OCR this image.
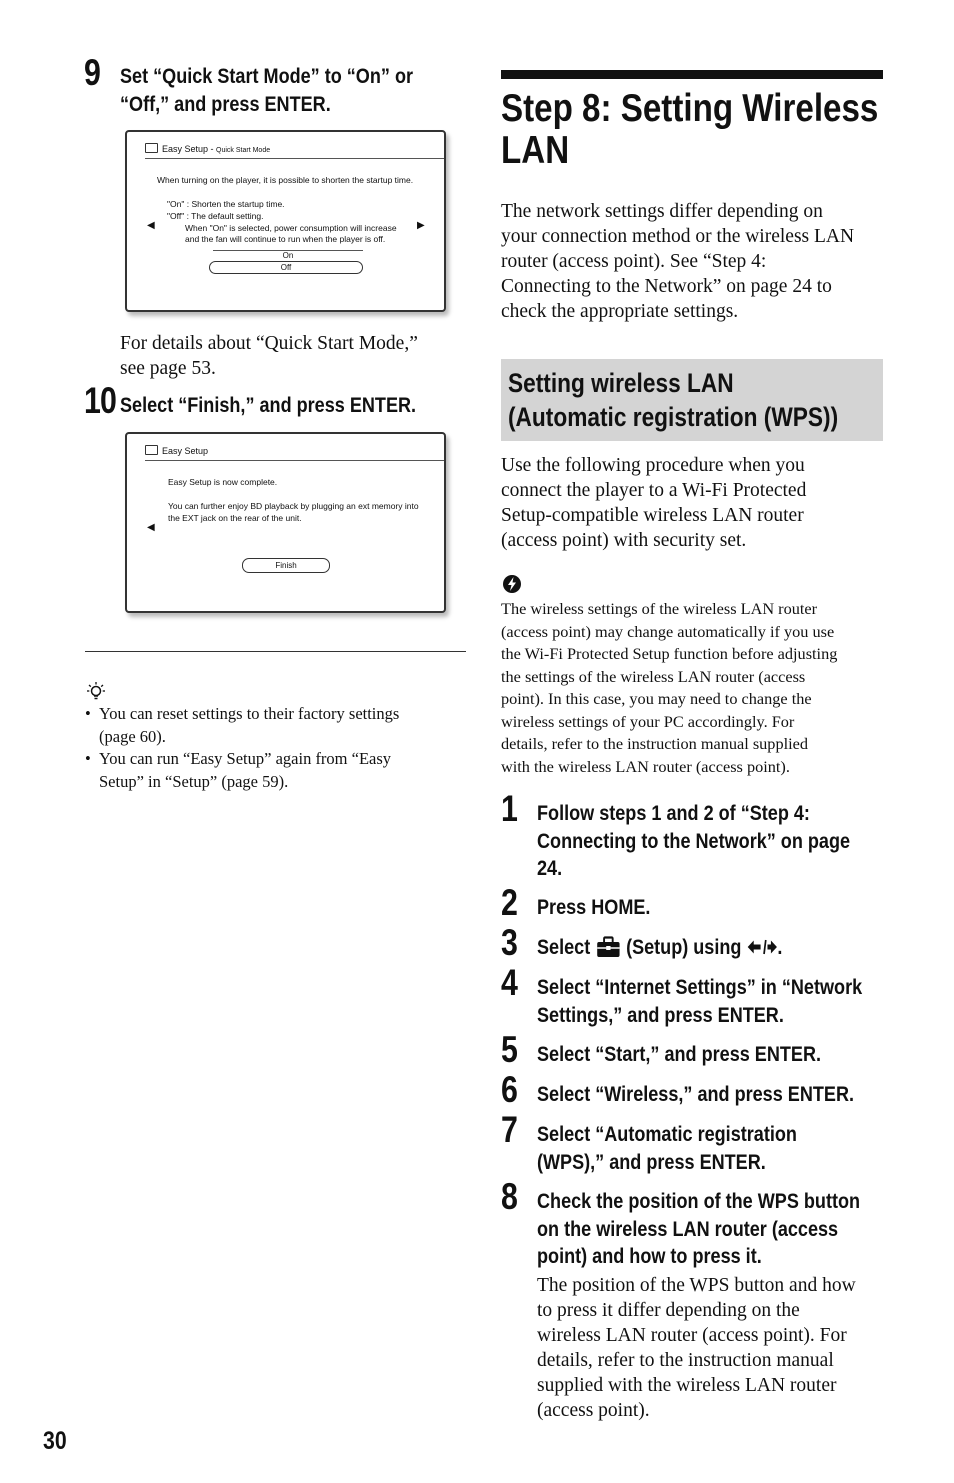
9 Set “Quick Start Mode” to “On” or
“Off,” and press ENTER.
Easy Setup - Quick Start Mode
When turning on the player, it is possible to shorten the startup time.
"On" : Shorten the startup time.
"Off" : The default setting.
When "On" is selected, power consumption will increase
and the fan will continue to run when the player is off.
◀	▶
On
Off
For details about “Quick Start Mode,”
see page 53.
10 Select “Finish,” and press ENTER.
Easy Setup
Easy Setup is now complete.
You can further enjoy BD playback by plugging an ext memory into
the EXT jack on the rear of the unit.
◀
Finish
• You can reset settings to their factory settings
(page 60).
• You can run “Easy Setup” again from “Easy
Setup” in “Setup” (page 59).
30
Step 8: Setting Wireless
LAN
The network settings differ depending on
your connection method or the wireless LAN
router (access point). See “Step 4:
Connecting to the Network” on page 24 to
check the appropriate settings.
Setting wireless LAN
(Automatic registration (WPS))
Use the following procedure when you
connect the player to a Wi-Fi Protected
Setup-compatible wireless LAN router
(access point) with security set.
The wireless settings of the wireless LAN router
(access point) may change automatically if you use
the Wi-Fi Protected Setup function before adjusting
the settings of the wireless LAN router (access
point). In this case, you may need to change the
wireless settings of your PC accordingly. For
details, refer to the instruction manual supplied
with the wireless LAN router (access point).
1 Follow steps 1 and 2 of “Step 4:
Connecting to the Network” on page
24.
2 Press HOME.
3 Select (Setup) using .
4 Select “Internet Settings” in “Network
Settings,” and press ENTER.
5 Select “Start,” and press ENTER.
6 Select “Wireless,” and press ENTER.
7 Select “Automatic registration
(WPS),” and press ENTER.
8 Check the position of the WPS button
on the wireless LAN router (access
point) and how to press it.
The position of the WPS button and how
to press it differ depending on the
wireless LAN router (access point). For
details, refer to the instruction manual
supplied with the wireless LAN router
(access point).
